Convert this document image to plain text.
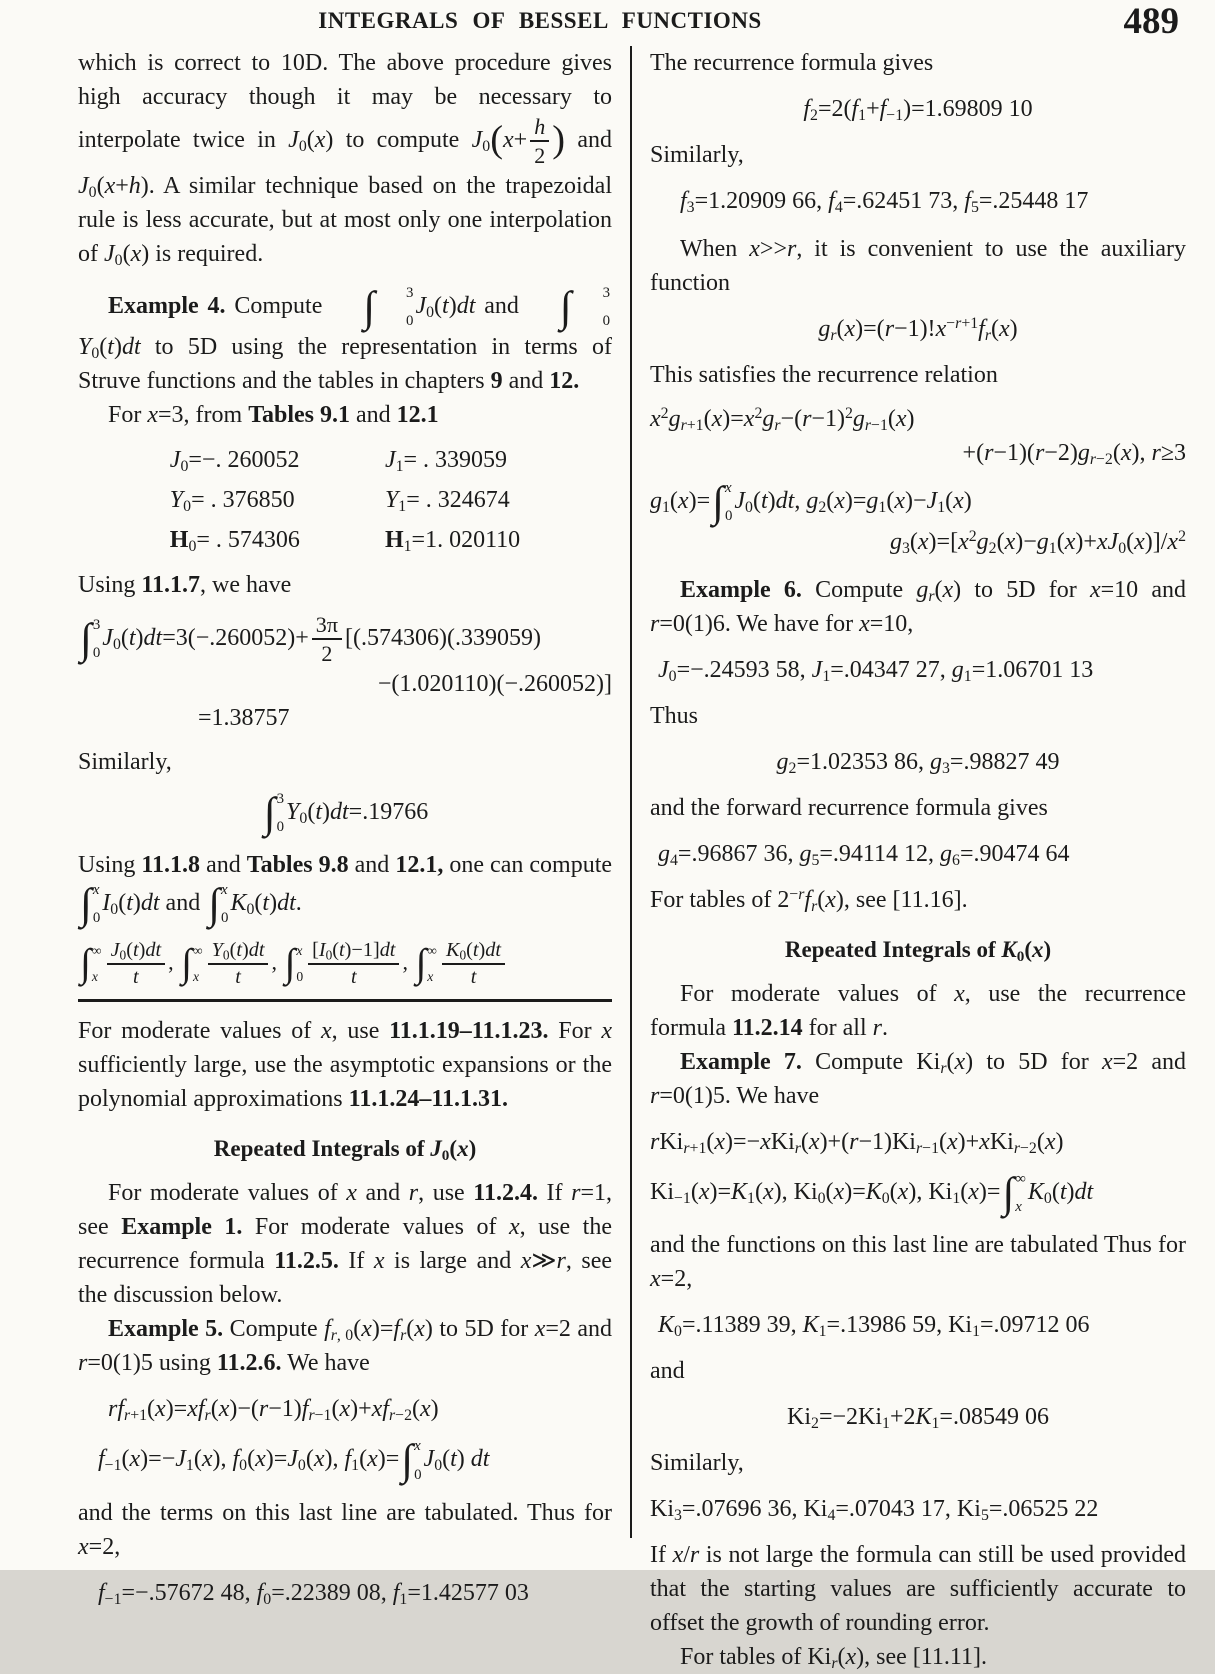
INTEGRALS OF BESSEL FUNCTIONS	489

which is correct to 10D. The above procedure gives high accuracy though it may be necessary to interpolate twice in $J_0(x)$ to compute $J_0(x+ \frac{h}{2}$ ) and $J_0(x+h)$. A similar technique based on the trapezoidal rule is less accurate, but at most only one interpolation of $J_0(x)$ is required.

Example 4. Compute ∫	3
0
$J_0(t)dt$ and ∫	3
0
$Y_0(t)dt$ to 5D using the representation in terms of Struve functions and the tables in chapters 9 and 12.

For x=3, from Tables 9.1 and 12.1

$J_0=-$. 260052	$J_1=$ . 339059
$Y_0=$ . 376850	$Y_1=$ . 324674
$H_0=$ . 574306	$H_1=1$. 020110

Using 11.1.7, we have

∫ 3
0
$J_0(t)dt=3(-.260052)+ \frac{3\pi}{2} [(.574306)(.339059)$
−(1.020110)(−.260052)]
=1.38757

Similarly,

∫ 3
0
$Y_0(t)dt=.19766$

Using 11.1.8 and Tables 9.8 and 12.1, one can compute
∫ x
0
$I_0(t)dt$ and ∫ x
0
$K_0(t)dt$.

∫ ∞
x $\frac{J_0(t)dt}{t}$ , ∫ ∞
x $\frac{Y_0(t)dt}{t}$ , ∫ x
$0 \frac{[I_0(t)-1]dt}{t}$ , ∫ ∞
x $\frac{K_0(t)dt}{t}$

For moderate values of x, use 11.1.19–11.1.23. For x sufficiently large, use the asymptotic expansions or the polynomial approximations 11.1.24–11.1.31.

Repeated Integrals of $J_0(x)$

For moderate values of x and r, use 11.2.4. If r=1, see Example 1. For moderate values of x, use the recurrence formula 11.2.5. If x is large and x≫r, see the discussion below.

Example 5. Compute $f_{r, 0}(x)=f_r(x)$ to 5D for x=2 and r=0(1)5 using 11.2.6. We have

$rf_{r+1}(x)=xf_r(x)-(r-1)f_{r-1}(x)+xf_{r-2}(x)$
$f_{-1}(x)=-J_1(x)$, $f_0(x)=J_0(x)$, $f_1(x)=$ ∫ x
0
$J_0(t)$ dt

and the terms on this last line are tabulated. Thus for x=2,

$f_{-1}=-.57672$ 48, $f_0=.22389$ 08, $f_1=1.42577$ 03

The recurrence formula gives

$f_2=2(f_1+f_{-1})=1.69809$ 10

Similarly,

$f_3=1.20909$ 66, $f_4=.62451$ 73, $f_5=.25448$ 17

When x>>r, it is convenient to use the auxiliary function

$g_r(x)=(r-1)!x^{-r+1}f_r(x)$

This satisfies the recurrence relation

$x^2g_{r+1}(x)=x^2g_r-(r-1)^2g_{r-1}(x)$
$+(r-1)(r-2)g_{r-2}(x)$, r≥3
$g_1(x)=$ ∫ x
0
$J_0(t)dt$, $g_2(x)=g_1(x)-J_1(x)$
$g_3(x)=[x^2g_2(x)-g_1(x)+xJ_0(x)]/x^2$

Example 6. Compute $g_r(x)$ to 5D for x=10 and r=0(1)6. We have for x=10,

$J_0=-.24593$ 58, $J_1=.04347$ 27, $g_1=1.06701$ 13

Thus

$g_2=1.02353$ 86, $g_3=.98827$ 49

and the forward recurrence formula gives

$g_4=.96867$ 36, $g_5=.94114$ 12, $g_6=.90474$ 64

For tables of $2^{-r}f_r(x)$, see [11.16].

Repeated Integrals of $K_0(x)$

For moderate values of x, use the recurrence formula 11.2.14 for all r.

Example 7. Compute $Ki_r(x)$ to 5D for x=2 and r=0(1)5. We have

$rKi_{r+1}(x)=-xKi_r(x)+(r-1)Ki_{r-1}(x)+xKi_{r-2}(x)$
$Ki_{-1}(x)=K_1(x)$, $Ki_0(x)=K_0(x)$, $Ki_1(x)=$ ∫ ∞
x
$K_0(t)dt$

and the functions on this last line are tabulated Thus for x=2,

$K_0=.11389$ 39, $K_1=.13986$ 59, $Ki_1=.09712$ 06

and

$Ki_2=-2Ki_1+2K_1=.08549$ 06

Similarly,

$Ki_3=.07696$ 36, $Ki_4=.07043$ 17, $Ki_5=.06525$ 22

If x/r is not large the formula can still be used provided that the starting values are sufficiently accurate to offset the growth of rounding error.

For tables of $Ki_r(x)$, see [11.11].
